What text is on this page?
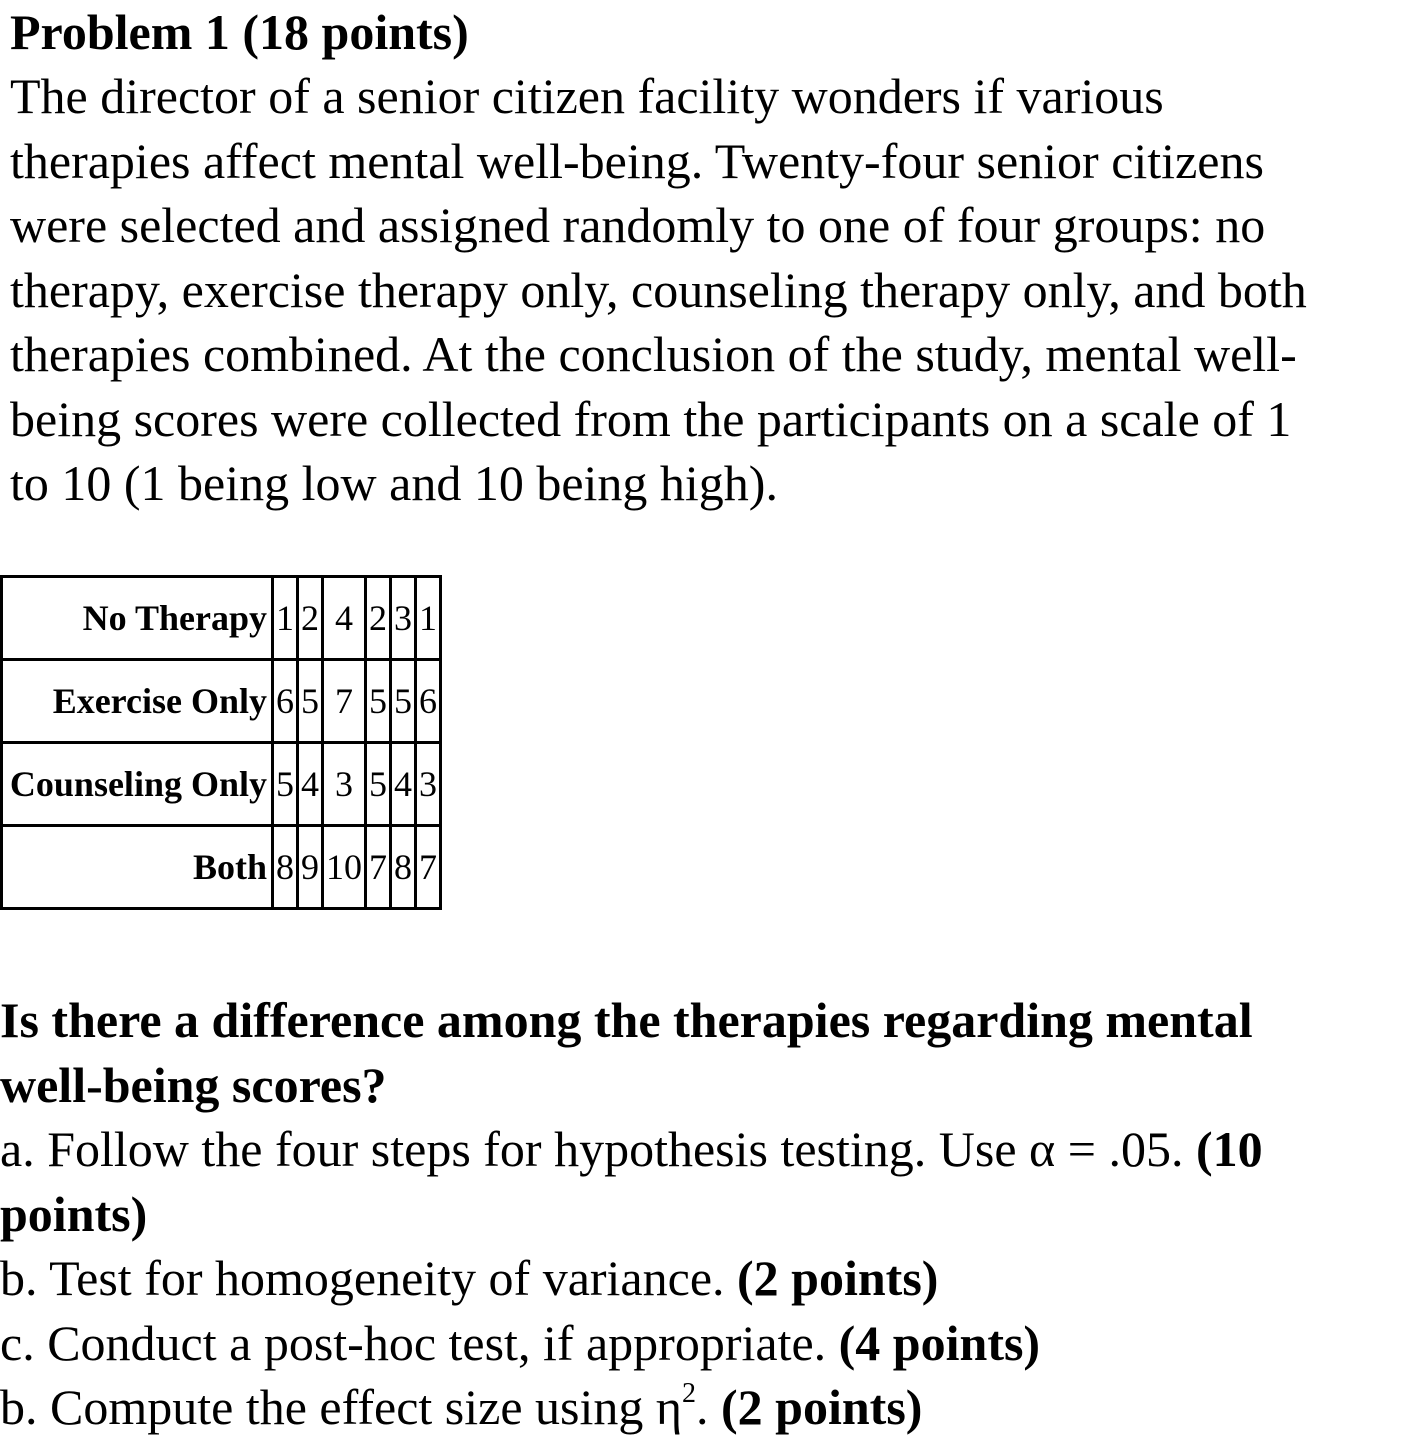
Problem 1 (18 points)

The director of a senior citizen facility wonders if various
therapies affect mental well-being. Twenty-four senior citizens
were selected and assigned randomly to one of four groups: no
therapy, exercise therapy only, counseling therapy only, and both
therapies combined. At the conclusion of the study, mental well-
being scores were collected from the participants on a scale of 1
to 10 (1 being low and 10 being high).

No Therapy	1	2	4	2	3	1
Exercise Only	6	5	7	5	5	6
Counseling Only	5	4	3	5	4	3
Both	8	9	10	7	8	7

Is there a difference among the therapies regarding mental

well-being scores?

a. Follow the four steps for hypothesis testing. Use α = .05. (10

points)

b. Test for homogeneity of variance. (2 points)

c. Conduct a post-hoc test, if appropriate. (4 points)

b. Compute the effect size using $\eta^2$. (2 points)
